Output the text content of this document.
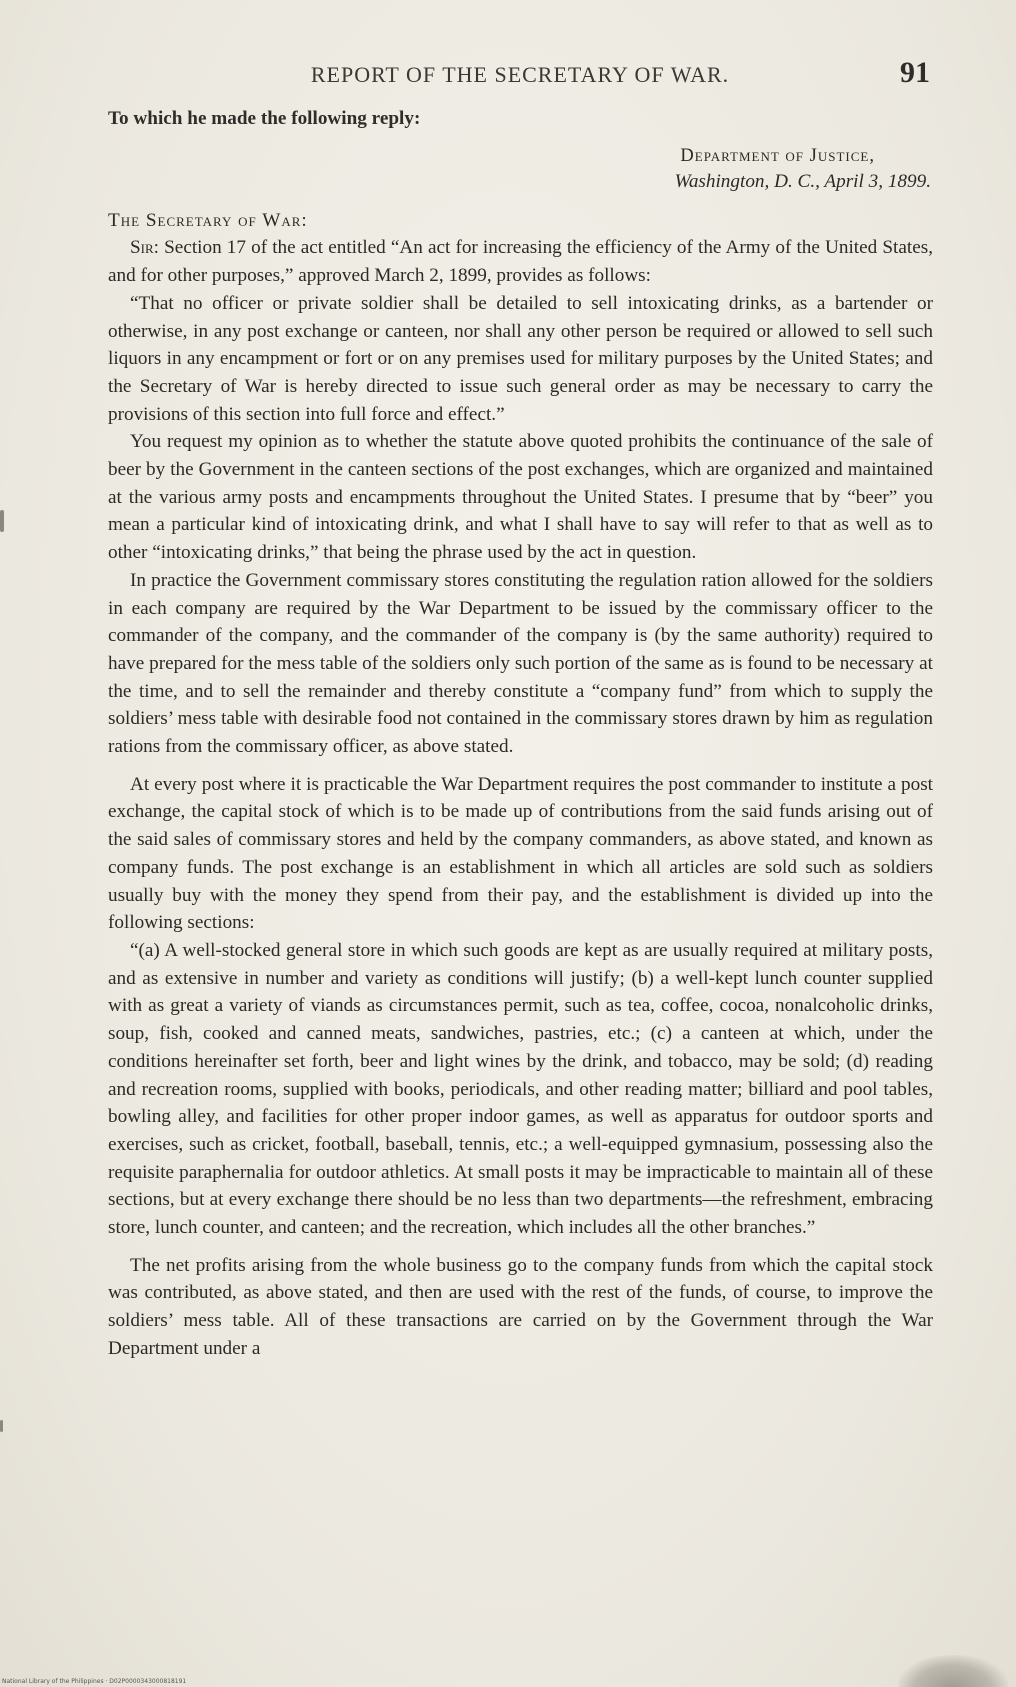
REPORT OF THE SECRETARY OF WAR.	91

To which he made the following reply:

Department of Justice,
Washington, D. C., April 3, 1899.

The Secretary of War:

Sir: Section 17 of the act entitled “An act for increasing the efficiency of the Army of the United States, and for other purposes,” approved March 2, 1899, provides as follows:

“That no officer or private soldier shall be detailed to sell intoxicating drinks, as a bartender or otherwise, in any post exchange or canteen, nor shall any other person be required or allowed to sell such liquors in any encampment or fort or on any premises used for military purposes by the United States; and the Secretary of War is hereby directed to issue such general order as may be necessary to carry the provisions of this section into full force and effect.”

You request my opinion as to whether the statute above quoted prohibits the continuance of the sale of beer by the Government in the canteen sections of the post exchanges, which are organized and maintained at the various army posts and encampments throughout the United States. I presume that by “beer” you mean a particular kind of intoxicating drink, and what I shall have to say will refer to that as well as to other “intoxicating drinks,” that being the phrase used by the act in question.

In practice the Government commissary stores constituting the regulation ration allowed for the soldiers in each company are required by the War Department to be issued by the commissary officer to the commander of the company, and the commander of the company is (by the same authority) required to have prepared for the mess table of the soldiers only such portion of the same as is found to be necessary at the time, and to sell the remainder and thereby constitute a “company fund” from which to supply the soldiers’ mess table with desirable food not contained in the commissary stores drawn by him as regulation rations from the commissary officer, as above stated.

At every post where it is practicable the War Department requires the post commander to institute a post exchange, the capital stock of which is to be made up of contributions from the said funds arising out of the said sales of commissary stores and held by the company commanders, as above stated, and known as company funds. The post exchange is an establishment in which all articles are sold such as soldiers usually buy with the money they spend from their pay, and the establishment is divided up into the following sections:

“(a) A well-stocked general store in which such goods are kept as are usually required at military posts, and as extensive in number and variety as conditions will justify; (b) a well-kept lunch counter supplied with as great a variety of viands as circumstances permit, such as tea, coffee, cocoa, nonalcoholic drinks, soup, fish, cooked and canned meats, sandwiches, pastries, etc.; (c) a canteen at which, under the conditions hereinafter set forth, beer and light wines by the drink, and tobacco, may be sold; (d) reading and recreation rooms, supplied with books, periodicals, and other reading matter; billiard and pool tables, bowling alley, and facilities for other proper indoor games, as well as apparatus for outdoor sports and exercises, such as cricket, football, baseball, tennis, etc.; a well-equipped gymnasium, possessing also the requisite paraphernalia for outdoor athletics. At small posts it may be impracticable to maintain all of these sections, but at every exchange there should be no less than two departments—the refreshment, embracing store, lunch counter, and canteen; and the recreation, which includes all the other branches.”

The net profits arising from the whole business go to the company funds from which the capital stock was contributed, as above stated, and then are used with the rest of the funds, of course, to improve the soldiers’ mess table. All of these transactions are carried on by the Government through the War Department under a

National Library of the Philippines · D02P0000343000818191
